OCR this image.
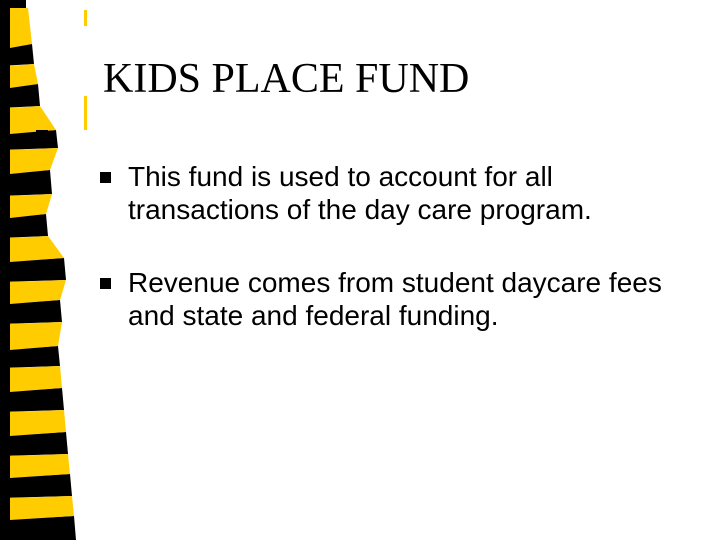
KIDS PLACE FUND
This fund is used to account for all transactions of the day care program.
Revenue comes from student daycare fees and state and federal funding.
